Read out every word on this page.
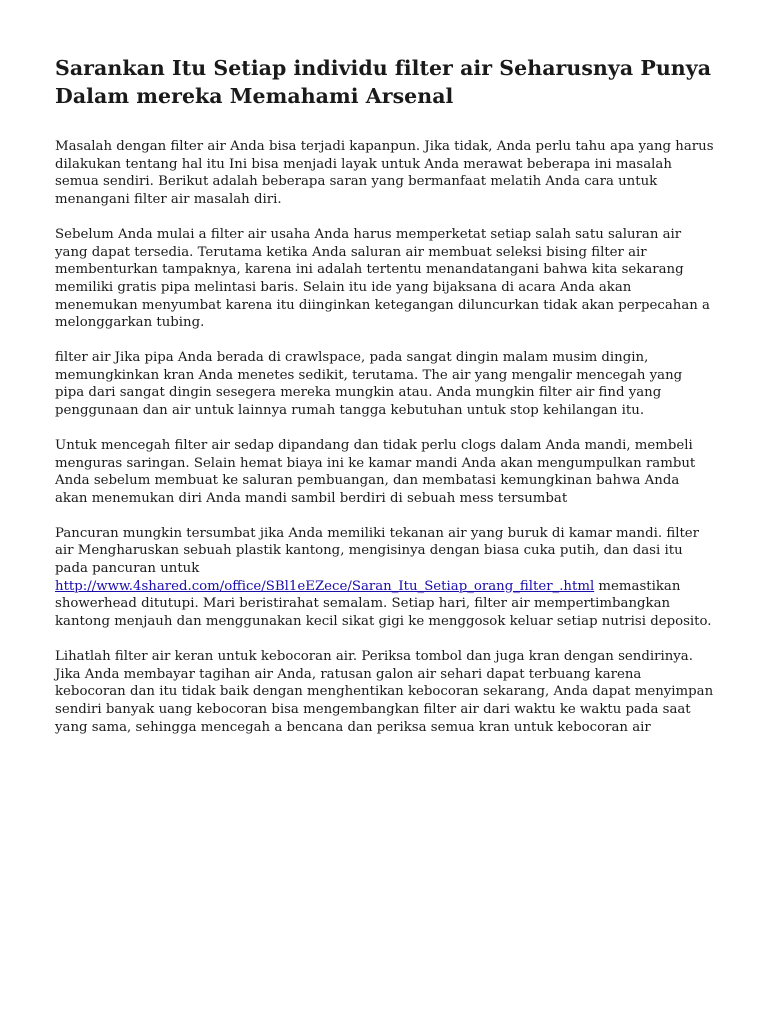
Sarankan Itu Setiap individu filter air Seharusnya Punya Dalam mereka Memahami Arsenal

Masalah dengan filter air Anda bisa terjadi kapanpun. Jika tidak, Anda perlu tahu apa yang harus dilakukan tentang hal itu Ini bisa menjadi layak untuk Anda merawat beberapa ini masalah semua sendiri. Berikut adalah beberapa saran yang bermanfaat melatih Anda cara untuk menangani filter air masalah diri.

Sebelum Anda mulai a filter air usaha Anda harus memperketat setiap salah satu saluran air yang dapat tersedia. Terutama ketika Anda saluran air membuat seleksi bising filter air membenturkan tampaknya, karena ini adalah tertentu menandatangani bahwa kita sekarang memiliki gratis pipa melintasi baris. Selain itu ide yang bijaksana di acara Anda akan menemukan menyumbat karena itu diinginkan ketegangan diluncurkan tidak akan perpecahan a melonggarkan tubing.

filter air Jika pipa Anda berada di crawlspace, pada sangat dingin malam musim dingin, memungkinkan kran Anda menetes sedikit, terutama. The air yang mengalir mencegah yang pipa dari sangat dingin sesegera mereka mungkin atau. Anda mungkin filter air find yang penggunaan dan air untuk lainnya rumah tangga kebutuhan untuk stop kehilangan itu.

Untuk mencegah filter air sedap dipandang dan tidak perlu clogs dalam Anda mandi, membeli menguras saringan. Selain hemat biaya ini ke kamar mandi Anda akan mengumpulkan rambut Anda sebelum membuat ke saluran pembuangan, dan membatasi kemungkinan bahwa Anda akan menemukan diri Anda mandi sambil berdiri di sebuah mess tersumbat

Pancuran mungkin tersumbat jika Anda memiliki tekanan air yang buruk di kamar mandi. filter air Mengharuskan sebuah plastik kantong, mengisinya dengan biasa cuka putih, dan dasi itu pada pancuran untuk http://www.4shared.com/office/SBl1eEZece/Saran_Itu_Setiap_orang_filter_.html memastikan showerhead ditutupi. Mari beristirahat semalam. Setiap hari, filter air mempertimbangkan kantong menjauh dan menggunakan kecil sikat gigi ke menggosok keluar setiap nutrisi deposito.

Lihatlah filter air keran untuk kebocoran air. Periksa tombol dan juga kran dengan sendirinya. Jika Anda membayar tagihan air Anda, ratusan galon air sehari dapat terbuang karena kebocoran dan itu tidak baik dengan menghentikan kebocoran sekarang, Anda dapat menyimpan sendiri banyak uang kebocoran bisa mengembangkan filter air dari waktu ke waktu pada saat yang sama, sehingga mencegah a bencana dan periksa semua kran untuk kebocoran air
